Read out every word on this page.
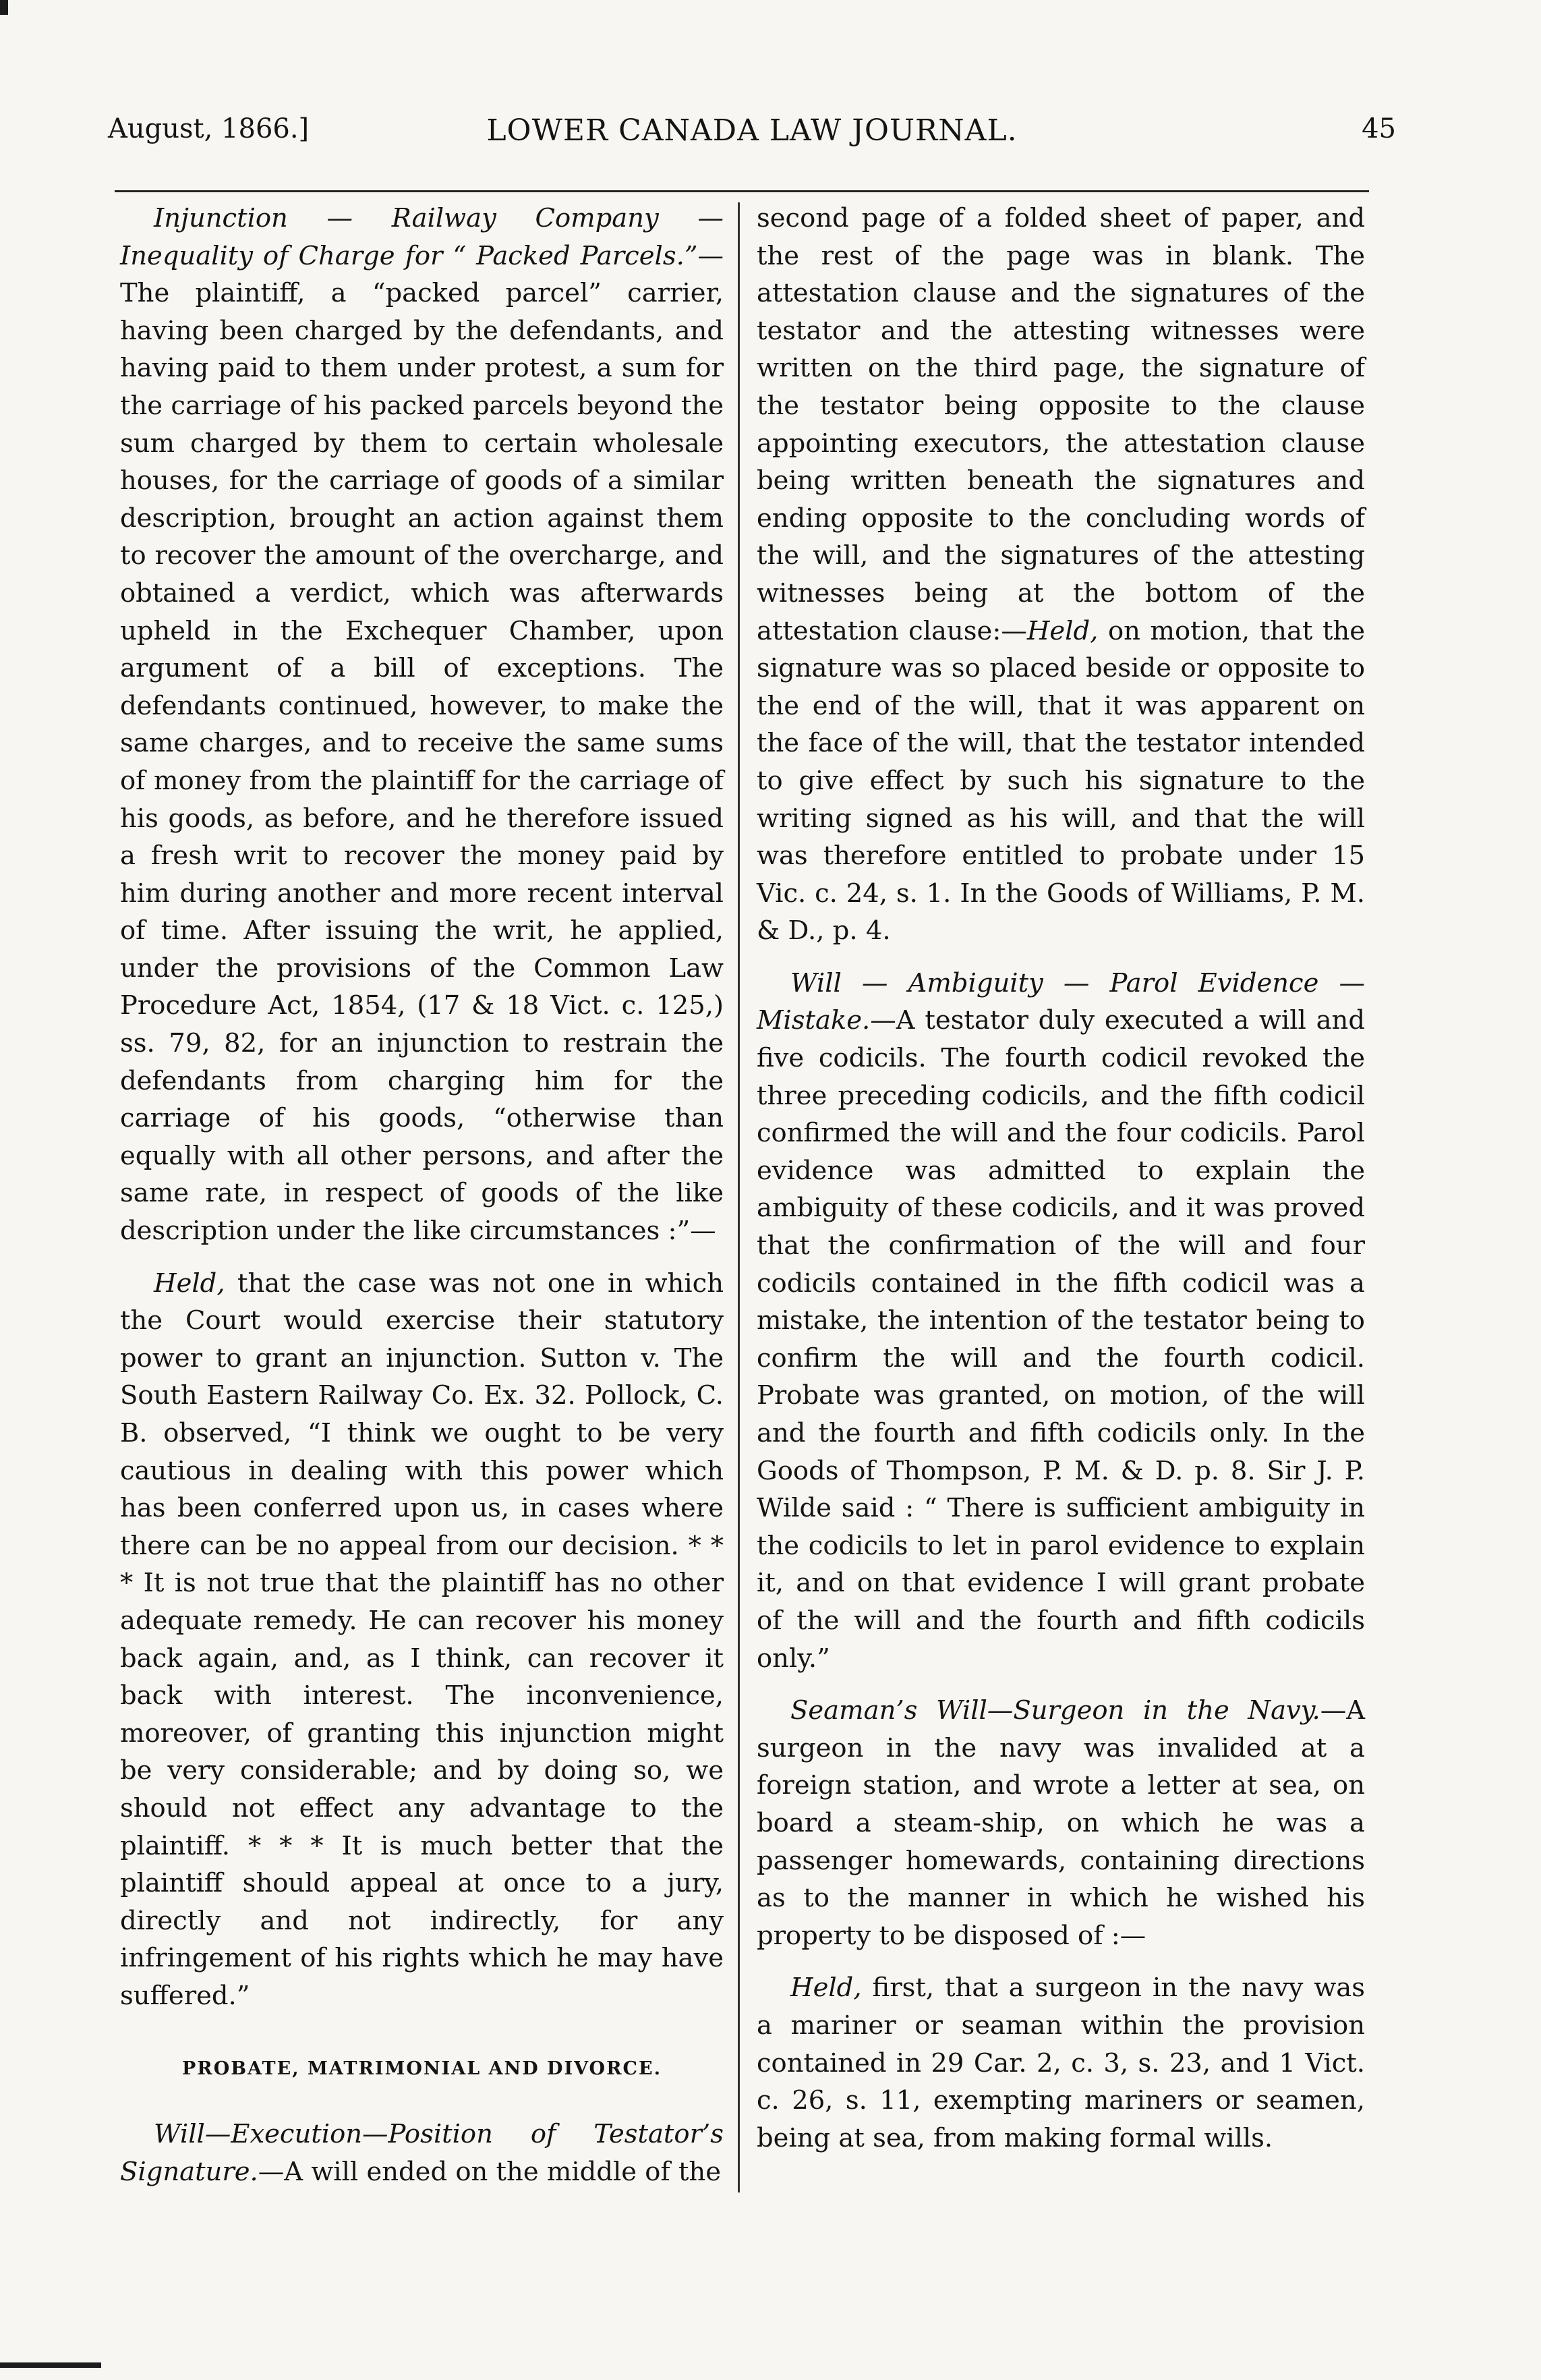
August, 1866.]	LOWER CANADA LAW JOURNAL.	45

Injunction — Railway Company — Inequality of Charge for “ Packed Parcels.”—The plaintiff, a “packed parcel” carrier, having been charged by the defendants, and having paid to them under protest, a sum for the carriage of his packed parcels beyond the sum charged by them to certain wholesale houses, for the carriage of goods of a similar description, brought an action against them to recover the amount of the overcharge, and obtained a verdict, which was afterwards upheld in the Exchequer Chamber, upon argument of a bill of exceptions. The defendants continued, however, to make the same charges, and to receive the same sums of money from the plaintiff for the carriage of his goods, as before, and he therefore issued a fresh writ to recover the money paid by him during another and more recent interval of time. After issuing the writ, he applied, under the provisions of the Common Law Procedure Act, 1854, (17 & 18 Vict. c. 125,) ss. 79, 82, for an injunction to restrain the defendants from charging him for the carriage of his goods, “otherwise than equally with all other persons, and after the same rate, in respect of goods of the like description under the like circumstances :”—

Held, that the case was not one in which the Court would exercise their statutory power to grant an injunction. Sutton v. The South Eastern Railway Co. Ex. 32. Pollock, C. B. observed, “I think we ought to be very cautious in dealing with this power which has been conferred upon us, in cases where there can be no appeal from our decision. * * * It is not true that the plaintiff has no other adequate remedy. He can recover his money back again, and, as I think, can recover it back with interest. The inconvenience, moreover, of granting this injunction might be very considerable; and by doing so, we should not effect any advantage to the plaintiff. * * * It is much better that the plaintiff should appeal at once to a jury, directly and not indirectly, for any infringement of his rights which he may have suffered.”

PROBATE, MATRIMONIAL AND DIVORCE.

Will—Execution—Position of Testator’s Signature.—A will ended on the middle of the

second page of a folded sheet of paper, and the rest of the page was in blank. The attestation clause and the signatures of the testator and the attesting witnesses were written on the third page, the signature of the testator being opposite to the clause appointing executors, the attestation clause being written beneath the signatures and ending opposite to the concluding words of the will, and the signatures of the attesting witnesses being at the bottom of the attestation clause:—Held, on motion, that the signature was so placed beside or opposite to the end of the will, that it was apparent on the face of the will, that the testator intended to give effect by such his signature to the writing signed as his will, and that the will was therefore entitled to probate under 15 Vic. c. 24, s. 1. In the Goods of Williams, P. M. & D., p. 4.

Will — Ambiguity — Parol Evidence — Mistake.—A testator duly executed a will and five codicils. The fourth codicil revoked the three preceding codicils, and the fifth codicil confirmed the will and the four codicils. Parol evidence was admitted to explain the ambiguity of these codicils, and it was proved that the confirmation of the will and four codicils contained in the fifth codicil was a mistake, the intention of the testator being to confirm the will and the fourth codicil. Probate was granted, on motion, of the will and the fourth and fifth codicils only. In the Goods of Thompson, P. M. & D. p. 8. Sir J. P. Wilde said : “ There is sufficient ambiguity in the codicils to let in parol evidence to explain it, and on that evidence I will grant probate of the will and the fourth and fifth codicils only.”

Seaman’s Will—Surgeon in the Navy.—A surgeon in the navy was invalided at a foreign station, and wrote a letter at sea, on board a steam-ship, on which he was a passenger homewards, containing directions as to the manner in which he wished his property to be disposed of :—

Held, first, that a surgeon in the navy was a mariner or seaman within the provision contained in 29 Car. 2, c. 3, s. 23, and 1 Vict. c. 26, s. 11, exempting mariners or seamen, being at sea, from making formal wills.
